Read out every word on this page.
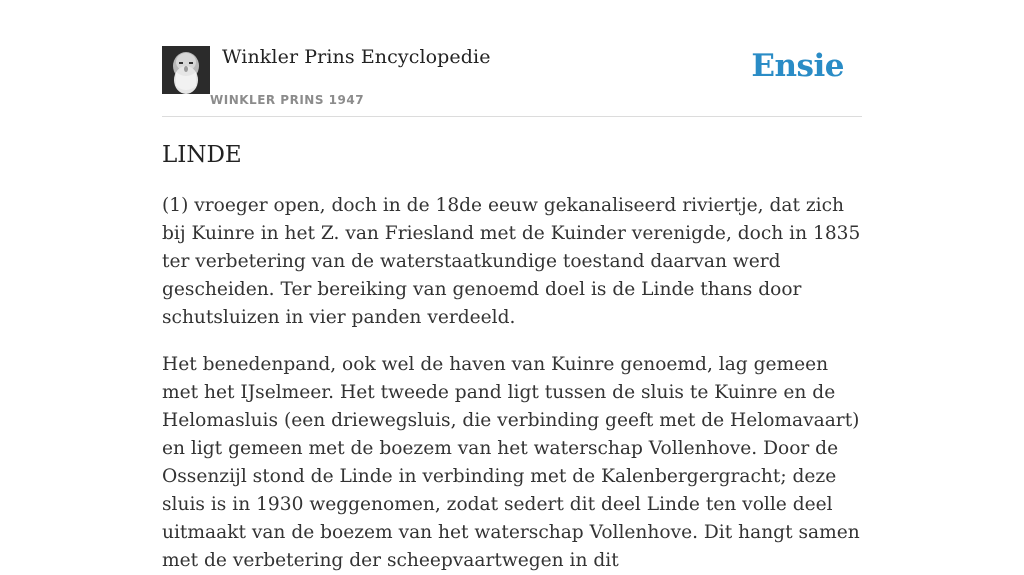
Winkler Prins Encyclopedie
WINKLER PRINS 1947
Ensie
LINDE

(1) vroeger open, doch in de 18de eeuw gekanaliseerd riviertje, dat zich bij Kuinre in het Z. van Friesland met de Kuinder verenigde, doch in 1835 ter verbetering van de waterstaatkundige toestand daarvan werd gescheiden. Ter bereiking van genoemd doel is de Linde thans door schutsluizen in vier panden verdeeld.

Het benedenpand, ook wel de haven van Kuinre genoemd, lag gemeen met het IJselmeer. Het tweede pand ligt tussen de sluis te Kuinre en de Helomasluis (een driewegsluis, die verbinding geeft met de Helomavaart) en ligt gemeen met de boezem van het waterschap Vollenhove. Door de Ossenzijl stond de Linde in verbinding met de Kalenbergergracht; deze sluis is in 1930 weggenomen, zodat sedert dit deel Linde ten volle deel uitmaakt van de boezem van het waterschap Vollenhove. Dit hangt samen met de verbetering der scheepvaartwegen in dit
